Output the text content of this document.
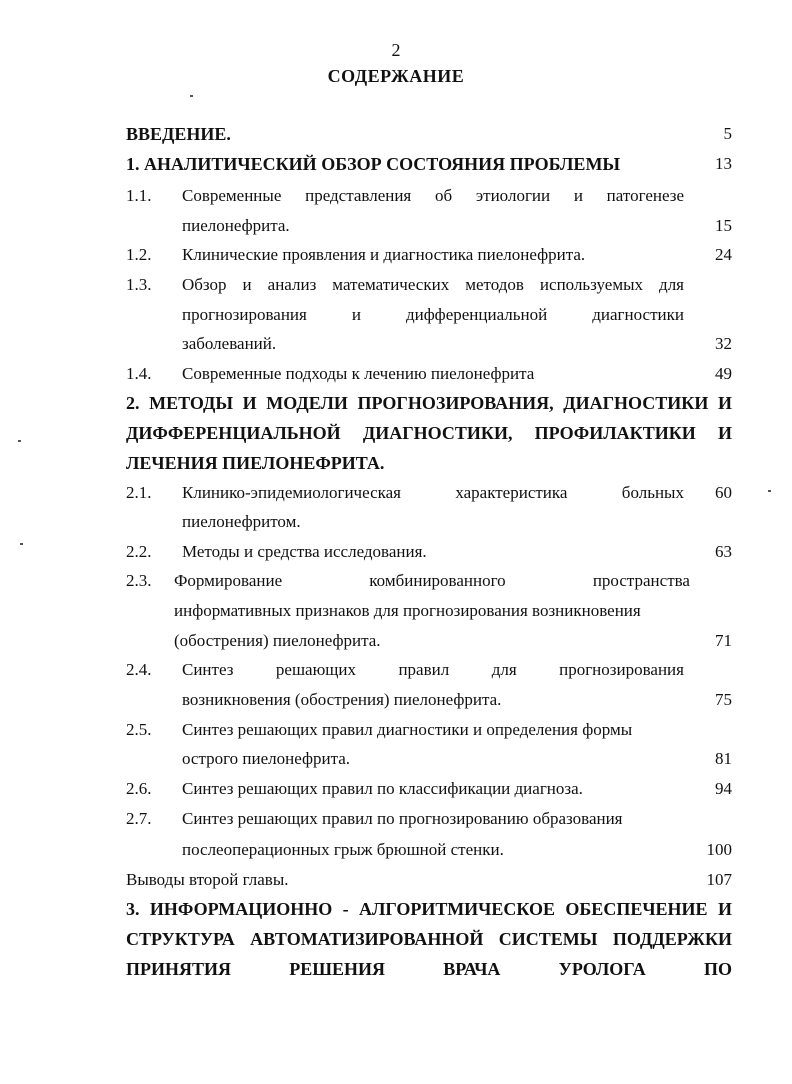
2
СОДЕРЖАНИЕ
ВВЕДЕНИЕ.	5
1. АНАЛИТИЧЕСКИЙ ОБЗОР СОСТОЯНИЯ ПРОБЛЕМЫ	13
1.1. Современные представления об этиологии и патогенезе
пиелонефрита.	15
1.2. Клинические проявления и диагностика пиелонефрита.	24
1.3. Обзор и анализ математических методов используемых для
прогнозирования	и	дифференциальной	диагностики
заболеваний.	32
1.4. Современные подходы к лечению пиелонефрита	49
2. МЕТОДЫ И МОДЕЛИ ПРОГНОЗИРОВАНИЯ, ДИАГНОСТИКИ И
ДИФФЕРЕНЦИАЛЬНОЙ ДИАГНОСТИКИ, ПРОФИЛАКТИКИ И
ЛЕЧЕНИЯ ПИЕЛОНЕФРИТА.
2.1. Клинико-эпидемиологическая	характеристика	больных 60
пиелонефритом.
2.2. Методы и средства исследования.	63
2.3. Формирование	комбинированного	пространства
информативных признаков для прогнозирования возникновения
(обострения) пиелонефрита.	71
2.4. Синтез решающих правил для прогнозирования
возникновения (обострения) пиелонефрита.	75
2.5. Синтез решающих правил диагностики и определения формы
острого пиелонефрита.	81
2.6. Синтез решающих правил по классификации диагноза.	94
2.7. Синтез решающих правил по прогнозированию образования
послеоперационных грыж брюшной стенки.	100
Выводы второй главы.	107
3. ИНФОРМАЦИОННО - АЛГОРИТМИЧЕСКОЕ ОБЕСПЕЧЕНИЕ И
СТРУКТУРА АВТОМАТИЗИРОВАННОЙ СИСТЕМЫ ПОДДЕРЖКИ
ПРИНЯТИЯ	РЕШЕНИЯ	ВРАЧА	УРОЛОГА	ПО
